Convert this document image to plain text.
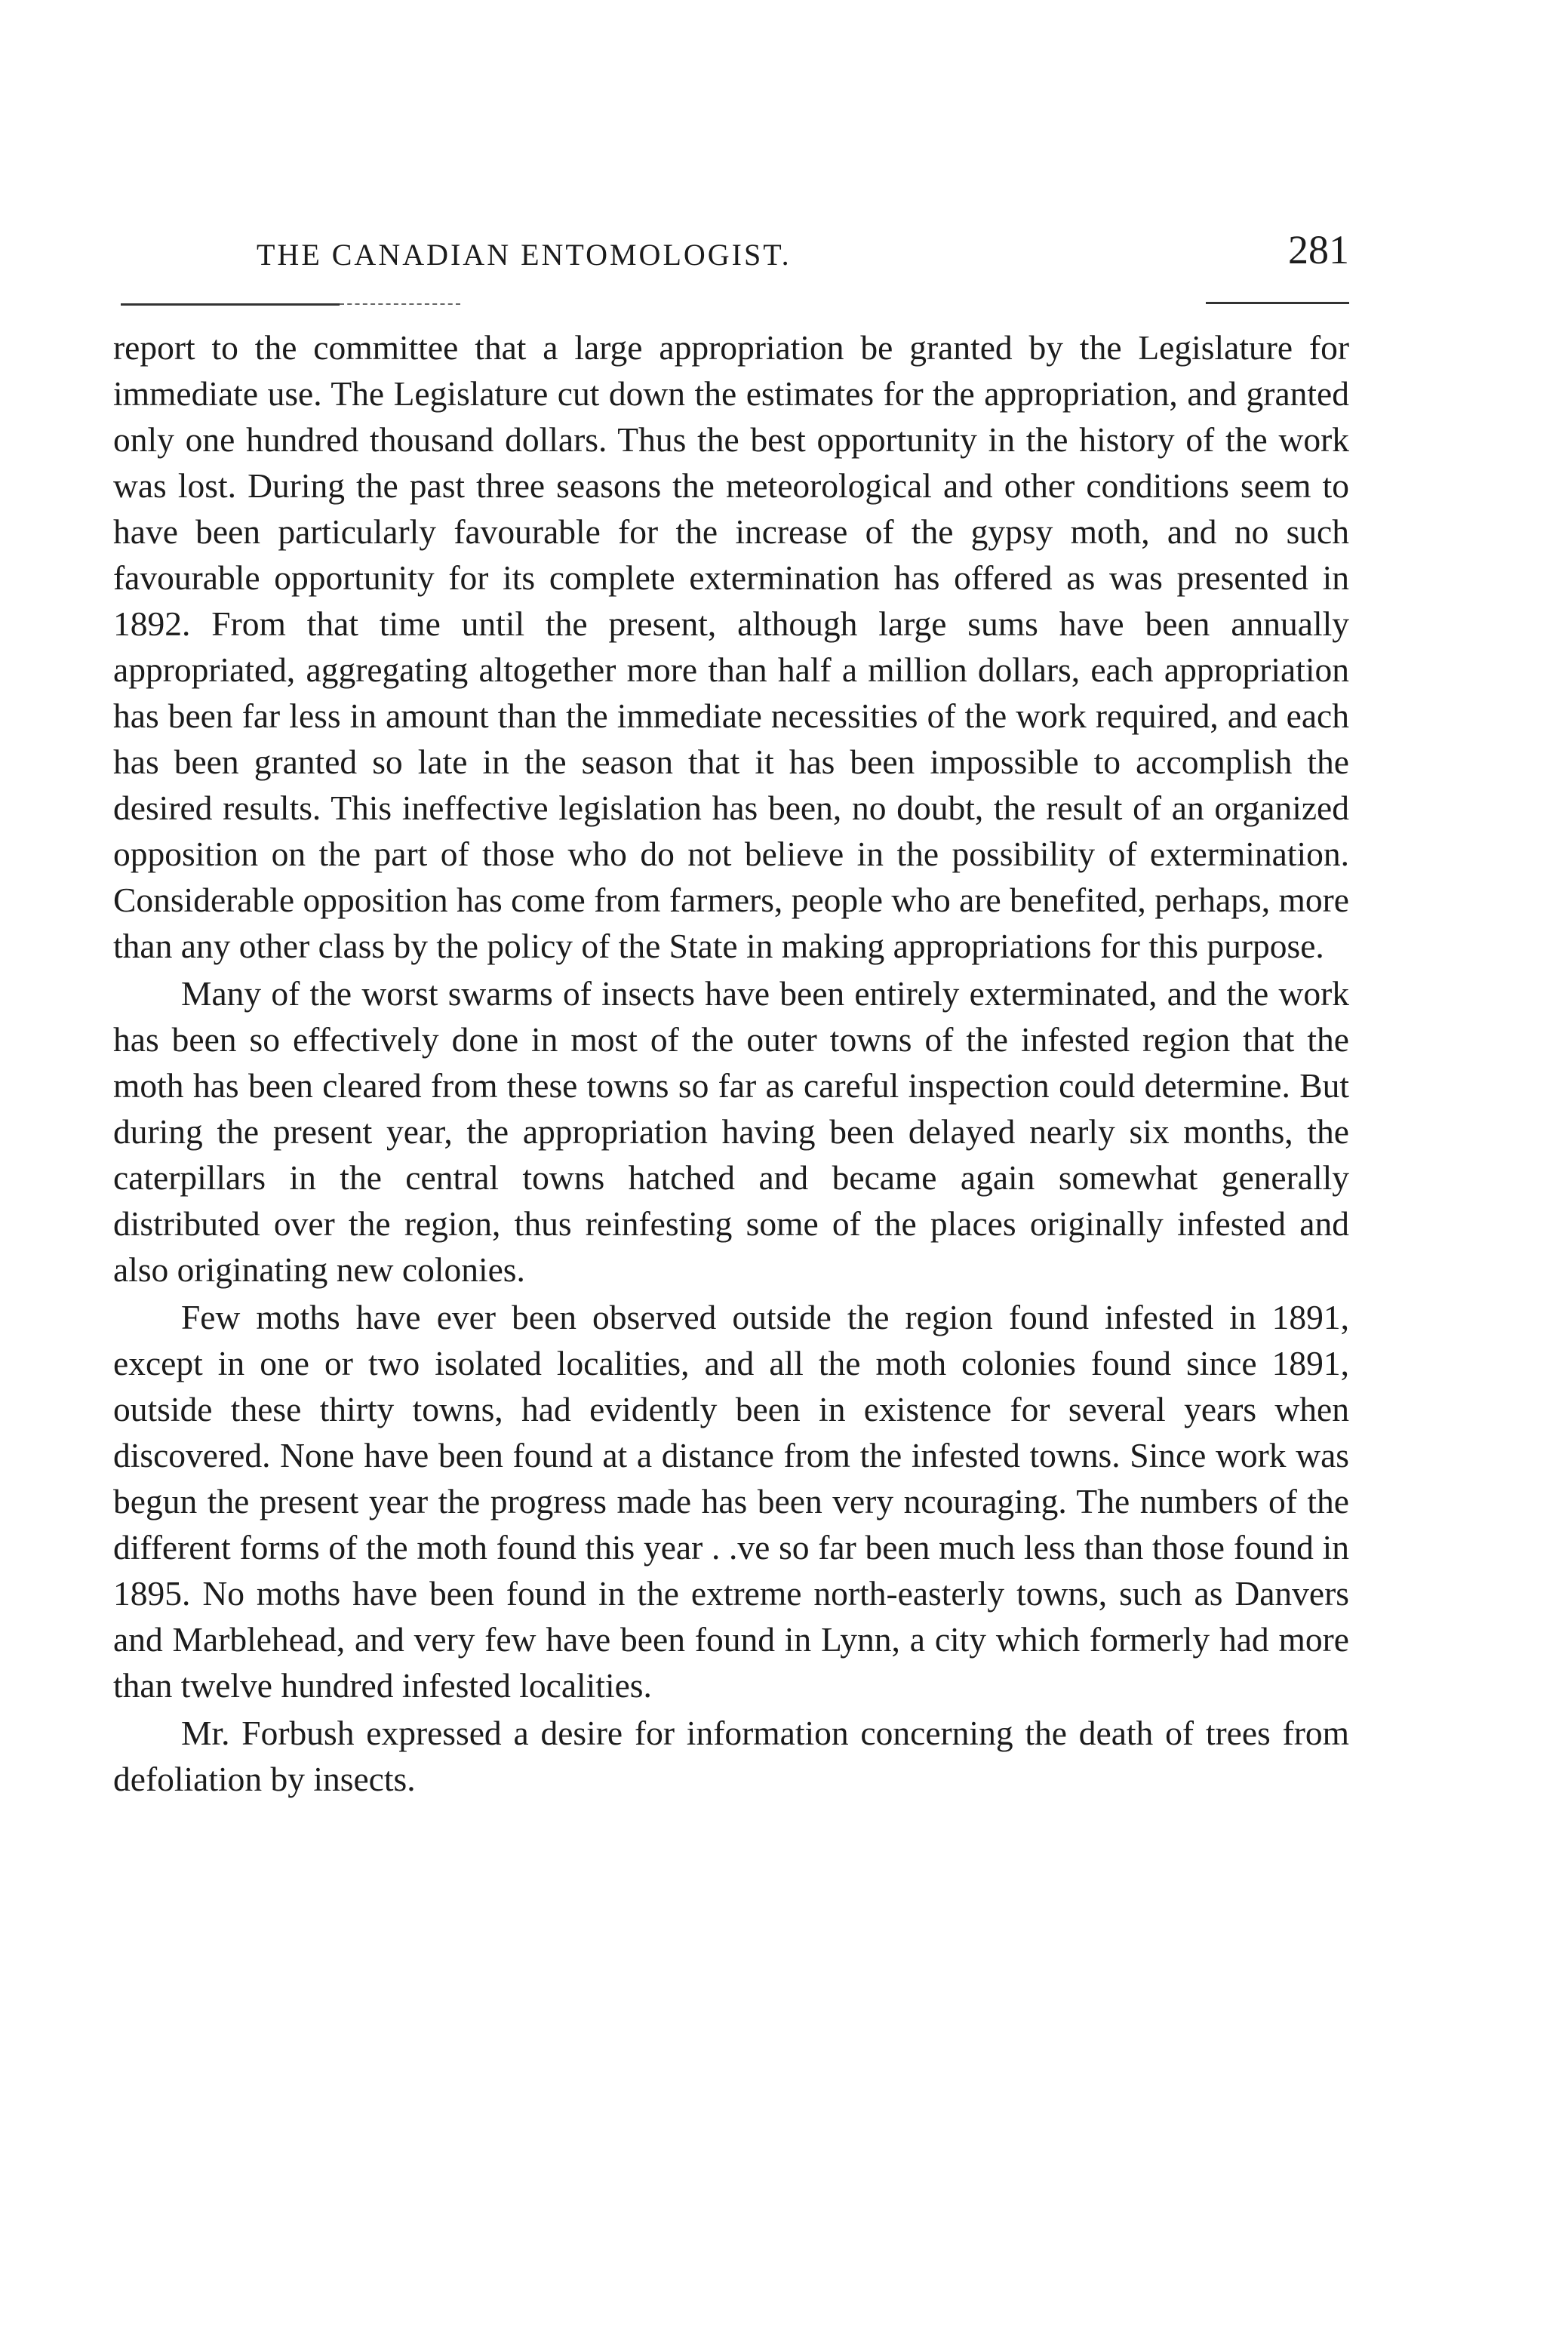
THE CANADIAN ENTOMOLOGIST.	281

report to the committee that a large appropriation be granted by the Legislature for immediate use. The Legislature cut down the estimates for the appropriation, and granted only one hundred thousand dollars. Thus the best opportunity in the history of the work was lost. During the past three seasons the meteorological and other conditions seem to have been particularly favourable for the increase of the gypsy moth, and no such favourable opportunity for its complete extermination has offered as was presented in 1892. From that time until the present, although large sums have been annually appropriated, aggregating altogether more than half a million dollars, each appropriation has been far less in amount than the immediate necessities of the work required, and each has been granted so late in the season that it has been impossible to accomplish the desired results. This ineffective legislation has been, no doubt, the result of an organized opposition on the part of those who do not believe in the possibility of extermination. Considerable opposition has come from farmers, people who are benefited, perhaps, more than any other class by the policy of the State in making appropriations for this purpose.

Many of the worst swarms of insects have been entirely exterminated, and the work has been so effectively done in most of the outer towns of the infested region that the moth has been cleared from these towns so far as careful inspection could determine. But during the present year, the appropriation having been delayed nearly six months, the caterpillars in the central towns hatched and became again somewhat generally distributed over the region, thus reinfesting some of the places originally infested and also originating new colonies.

Few moths have ever been observed outside the region found infested in 1891, except in one or two isolated localities, and all the moth colonies found since 1891, outside these thirty towns, had evidently been in existence for several years when discovered. None have been found at a distance from the infested towns. Since work was begun the present year the progress made has been very ncouraging. The numbers of the different forms of the moth found this year . .ve so far been much less than those found in 1895. No moths have been found in the extreme north-easterly towns, such as Danvers and Marblehead, and very few have been found in Lynn, a city which formerly had more than twelve hundred infested localities.

Mr. Forbush expressed a desire for information concerning the death of trees from defoliation by insects.
